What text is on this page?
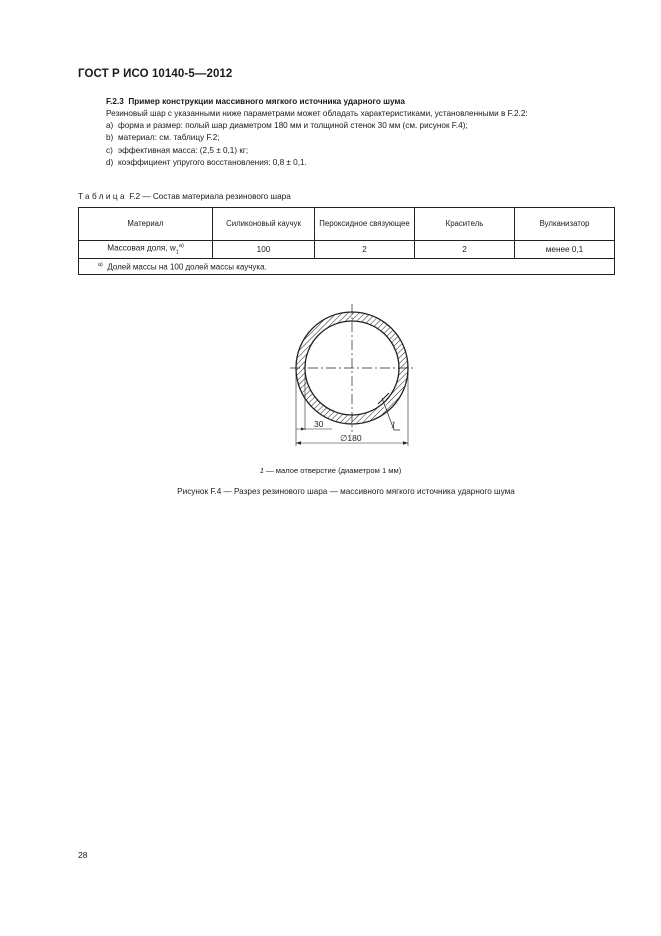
ГОСТ Р ИСО 10140-5—2012
F.2.3 Пример конструкции массивного мягкого источника ударного шума

Резиновый шар с указанными ниже параметрами может обладать характеристиками, установленными в F.2.2:

a) форма и размер: полый шар диаметром 180 мм и толщиной стенок 30 мм (см. рисунок F.4);

b) материал: см. таблицу F.2;

c) эффективная масса: (2,5 ± 0,1) кг;

d) коэффициент упругого восстановления: 0,8 ± 0,1.

Таблица F.2 — Состав материала резинового шара
Материал	Силиконовый каучук	Пероксидное связующее	Краситель	Вулканизатор
Массовая доля, $w_1^{а)}$	100	2	2	менее 0,1
$^{а)}$ Долей массы на 100 долей массы каучука.				
30
∅180
1
1 — малое отверстие (диаметром 1 мм)
Рисунок F.4 — Разрез резинового шара — массивного мягкого источника ударного шума
28
